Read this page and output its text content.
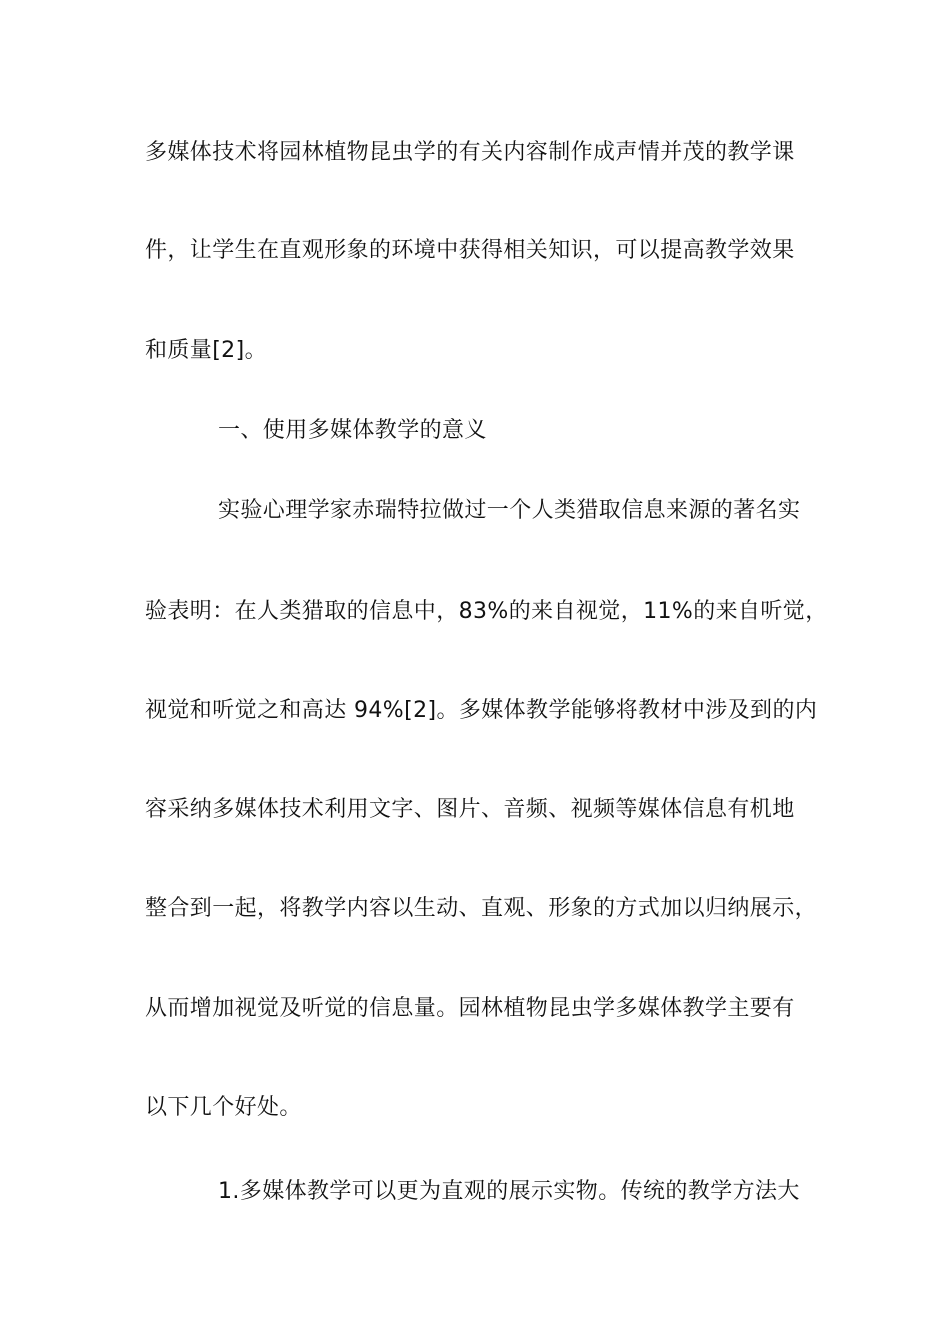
多媒体技术将园林植物昆虫学的有关内容制作成声情并茂的教学课
件，让学生在直观形象的环境中获得相关知识，可以提高教学效果
和质量[2]。
一、使用多媒体教学的意义
实验心理学家赤瑞特拉做过一个人类猎取信息来源的著名实
验表明：在人类猎取的信息中，83%的来自视觉，11%的来自听觉，
视觉和听觉之和高达 94%[2]。多媒体教学能够将教材中涉及到的内
容采纳多媒体技术利用文字、图片、音频、视频等媒体信息有机地
整合到一起，将教学内容以生动、直观、形象的方式加以归纳展示，
从而增加视觉及听觉的信息量。园林植物昆虫学多媒体教学主要有
以下几个好处。
1.多媒体教学可以更为直观的展示实物。传统的教学方法大
